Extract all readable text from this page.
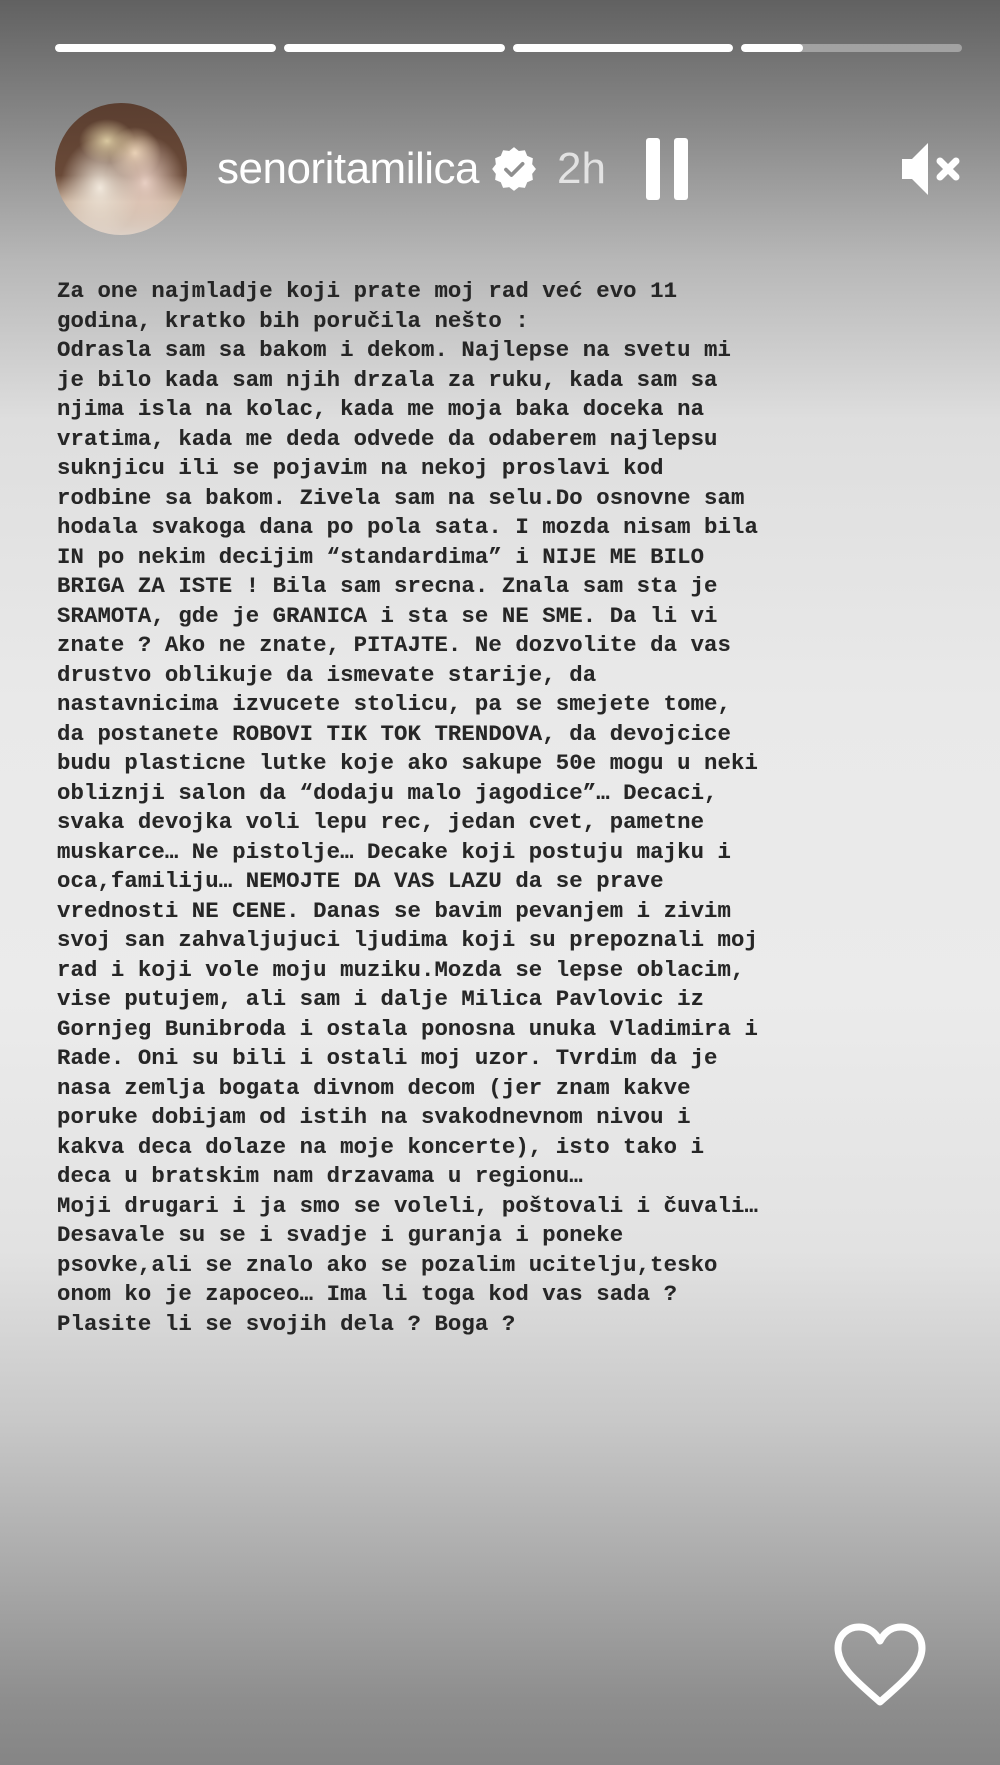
senoritamilica 2h
Za one najmladje koji prate moj rad već evo 11
godina, kratko bih poručila nešto :
Odrasla sam sa bakom i dekom. Najlepse na svetu mi
je bilo kada sam njih drzala za ruku, kada sam sa
njima isla na kolac, kada me moja baka doceka na
vratima, kada me deda odvede da odaberem najlepsu
suknjicu ili se pojavim na nekoj proslavi kod
rodbine sa bakom. Zivela sam na selu.Do osnovne sam
hodala svakoga dana po pola sata. I mozda nisam bila
IN po nekim decijim “standardima” i NIJE ME BILO
BRIGA ZA ISTE ! Bila sam srecna. Znala sam sta je
SRAMOTA, gde je GRANICA i sta se NE SME. Da li vi
znate ? Ako ne znate, PITAJTE. Ne dozvolite da vas
drustvo oblikuje da ismevate starije, da
nastavnicima izvucete stolicu, pa se smejete tome,
da postanete ROBOVI TIK TOK TRENDOVA, da devojcice
budu plasticne lutke koje ako sakupe 50e mogu u neki
obliznji salon da “dodaju malo jagodice”… Decaci,
svaka devojka voli lepu rec, jedan cvet, pametne
muskarce… Ne pistolje… Decake koji postuju majku i
oca,familiju… NEMOJTE DA VAS LAZU da se prave
vrednosti NE CENE. Danas se bavim pevanjem i zivim
svoj san zahvaljujuci ljudima koji su prepoznali moj
rad i koji vole moju muziku.Mozda se lepse oblacim,
vise putujem, ali sam i dalje Milica Pavlovic iz
Gornjeg Bunibroda i ostala ponosna unuka Vladimira i
Rade. Oni su bili i ostali moj uzor. Tvrdim da je
nasa zemlja bogata divnom decom (jer znam kakve
poruke dobijam od istih na svakodnevnom nivou i
kakva deca dolaze na moje koncerte), isto tako i
deca u bratskim nam drzavama u regionu…
Moji drugari i ja smo se voleli, poštovali i čuvali…
Desavale su se i svadje i guranja i poneke
psovke,ali se znalo ako se pozalim ucitelju,tesko
onom ko je zapoceo… Ima li toga kod vas sada ?
Plasite li se svojih dela ? Boga ?
